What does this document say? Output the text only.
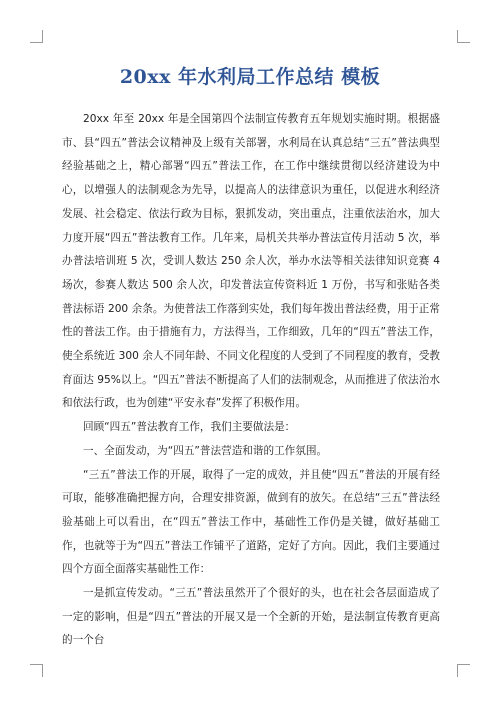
20xx 年水利局工作总结 模板

20xx 年至 20xx 年是全国第四个法制宣传教育五年规划实施时期。根据盛市、县“四五”普法会议精神及上级有关部署，水利局在认真总结“三五”普法典型经验基础之上，精心部署“四五”普法工作，在工作中继续贯彻以经济建设为中心，以增强人的法制观念为先导，以提高人的法律意识为重任，以促进水利经济发展、社会稳定、依法行政为目标，狠抓发动，突出重点，注重依法治水，加大力度开展“四五”普法教育工作。几年来，局机关共举办普法宣传月活动 5 次，举办普法培训班 5 次，受训人数达 250 余人次，举办水法等相关法律知识竞赛 4 场次，参赛人数达 500 余人次，印发普法宣传资料近 1 万份，书写和张贴各类普法标语 200 余条。为使普法工作落到实处，我们每年拨出普法经费，用于正常性的普法工作。由于措施有力，方法得当，工作细致，几年的“四五”普法工作，使全系统近 300 余人不同年龄、不同文化程度的人受到了不同程度的教育，受教育面达 95%以上。“四五”普法不断提高了人们的法制观念，从而推进了依法治水和依法行政，也为创建“平安永春”发挥了积极作用。

回顾“四五”普法教育工作，我们主要做法是：

一、全面发动，为“四五”普法营造和谐的工作氛围。

“三五”普法工作的开展，取得了一定的成效，并且使“四五”普法的开展有经可取，能够准确把握方向，合理安排资源，做到有的放矢。在总结“三五”普法经验基础上可以看出，在“四五”普法工作中，基础性工作仍是关键，做好基础工作，也就等于为“四五”普法工作铺平了道路，定好了方向。因此，我们主要通过四个方面全面落实基础性工作：

一是抓宣传发动。“三五”普法虽然开了个很好的头，也在社会各层面造成了一定的影响，但是“四五”普法的开展又是一个全新的开始，是法制宣传教育更高的一个台
